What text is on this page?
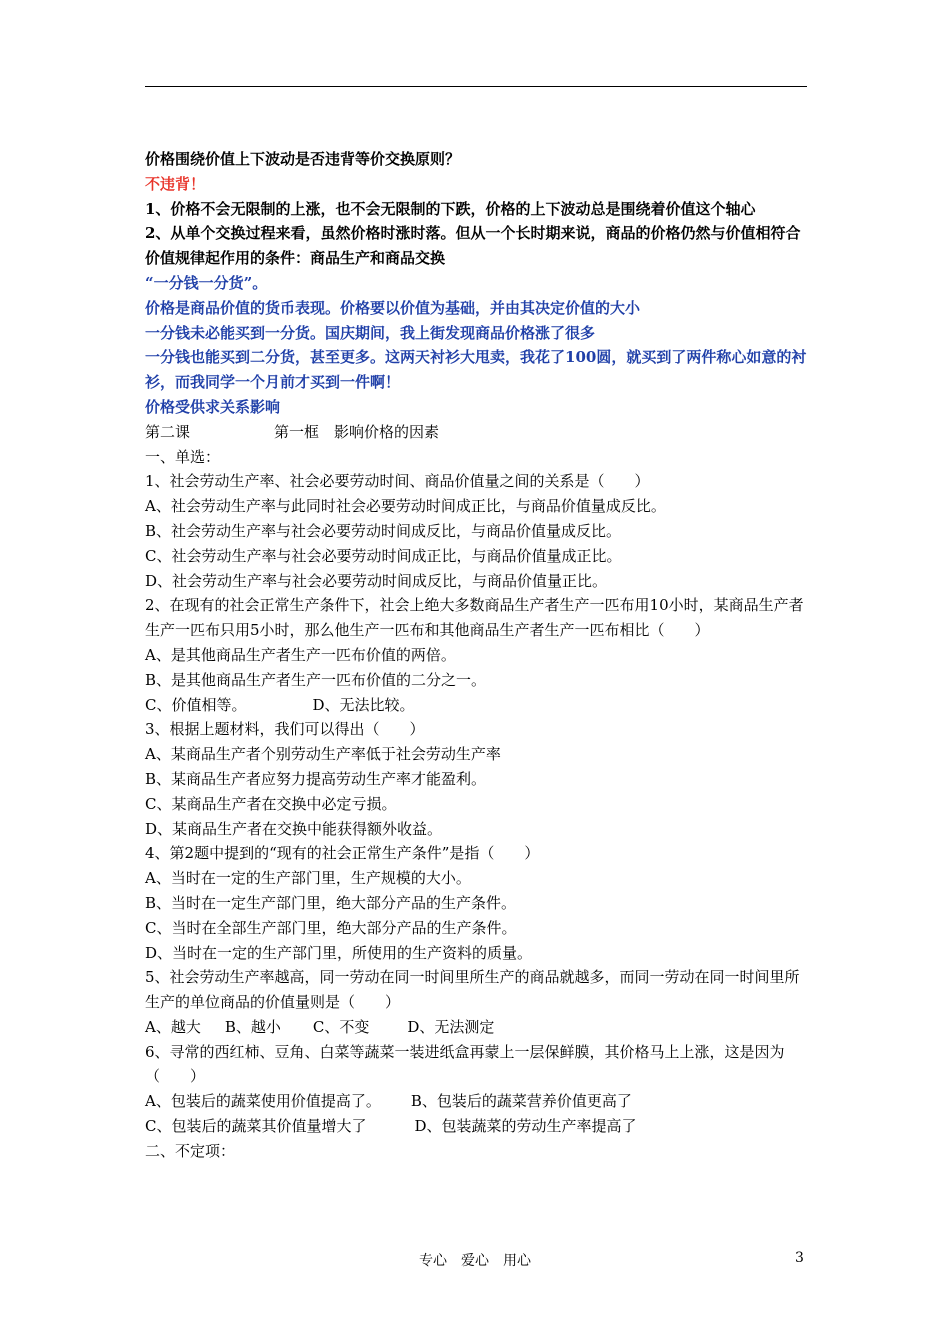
价格围绕价值上下波动是否违背等价交换原则？
不违背！
1、价格不会无限制的上涨，也不会无限制的下跌，价格的上下波动总是围绕着价值这个轴心
2、从单个交换过程来看，虽然价格时涨时落。但从一个长时期来说，商品的价格仍然与价值相符合
价值规律起作用的条件：商品生产和商品交换
“一分钱一分货”。
价格是商品价值的货币表现。价格要以价值为基础，并由其决定价值的大小
一分钱未必能买到一分货。国庆期间，我上街发现商品价格涨了很多
一分钱也能买到二分货，甚至更多。这两天衬衫大甩卖，我花了100圆，就买到了两件称心如意的衬衫，而我同学一个月前才买到一件啊！
价格受供求关系影响
第二课	第一框　影响价格的因素
一、单选：
1、社会劳动生产率、社会必要劳动时间、商品价值量之间的关系是（　　）
A、社会劳动生产率与此同时社会必要劳动时间成正比，与商品价值量成反比。
B、社会劳动生产率与社会必要劳动时间成反比，与商品价值量成反比。
C、社会劳动生产率与社会必要劳动时间成正比，与商品价值量成正比。
D、社会劳动生产率与社会必要劳动时间成反比，与商品价值量正比。
2、在现有的社会正常生产条件下，社会上绝大多数商品生产者生产一匹布用10小时，某商品生产者生产一匹布只用5小时，那么他生产一匹布和其他商品生产者生产一匹布相比（　　）
A、是其他商品生产者生产一匹布价值的两倍。
B、是其他商品生产者生产一匹布价值的二分之一。
C、价值相等。	D、无法比较。
3、根据上题材料，我们可以得出（　　）
A、某商品生产者个别劳动生产率低于社会劳动生产率
B、某商品生产者应努力提高劳动生产率才能盈利。
C、某商品生产者在交换中必定亏损。
D、某商品生产者在交换中能获得额外收益。
4、第2题中提到的“现有的社会正常生产条件”是指（　　）
A、当时在一定的生产部门里，生产规模的大小。
B、当时在一定生产部门里，绝大部分产品的生产条件。
C、当时在全部生产部门里，绝大部分产品的生产条件。
D、当时在一定的生产部门里，所使用的生产资料的质量。
5、社会劳动生产率越高，同一劳动在同一时间里所生产的商品就越多，而同一劳动在同一时间里所生产的单位商品的价值量则是（　　）
A、越大 B、越小 C、不变	D、无法测定
6、寻常的西红柿、豆角、白菜等蔬菜一装进纸盒再蒙上一层保鲜膜，其价格马上上涨，这是因为（　　）
A、包装后的蔬菜使用价值提高了。 B、包装后的蔬菜营养价值更高了
C、包装后的蔬菜其价值量增大了	D、包装蔬菜的劳动生产率提高了
二、不定项：
专心　爱心　用心	3
